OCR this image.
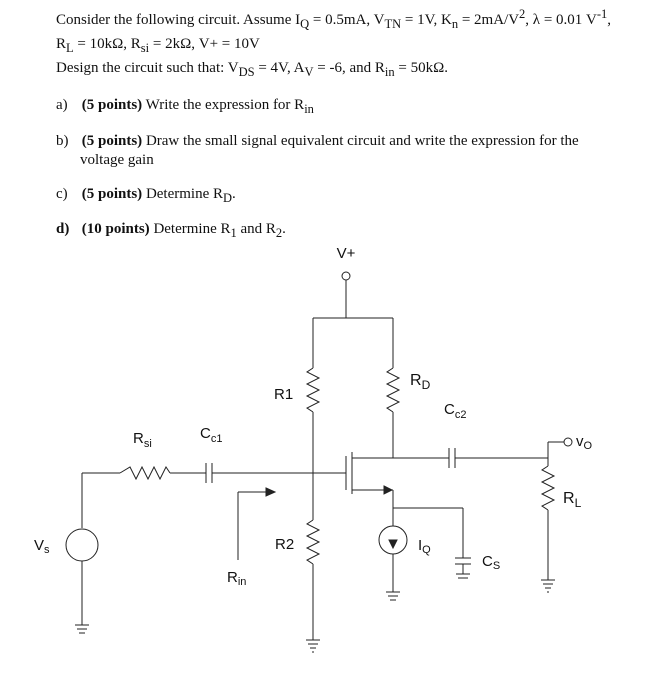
Consider the following circuit. Assume $I_Q = 0.5mA$, $V_{TN} = 1V$, $K_n = 2mA/V^2$, λ = 0.01 $V^{-1}$,

$R_L = 10k\Omega$, $R_{si} = 2k\Omega$, V+ = 10V

Design the circuit such that: $V_{DS} = 4V$, $A_V = -6$, and $R_{in} = 50k\Omega$.

a) (5 points) Write the expression for $R_{in}$
b) (5 points) Draw the small signal equivalent circuit and write the expression for the
voltage gain
c) (5 points) Determine $R_D$.
d) (10 points) Determine $R_1$ and $R_2$.
V+
R1
R2
$R_D$
$C_{c2}$
$C_{c1}$
$R_{si}$	$v_O$
$R_L$
$V_s$	$I_Q$
$C_S$
$R_{in}$
